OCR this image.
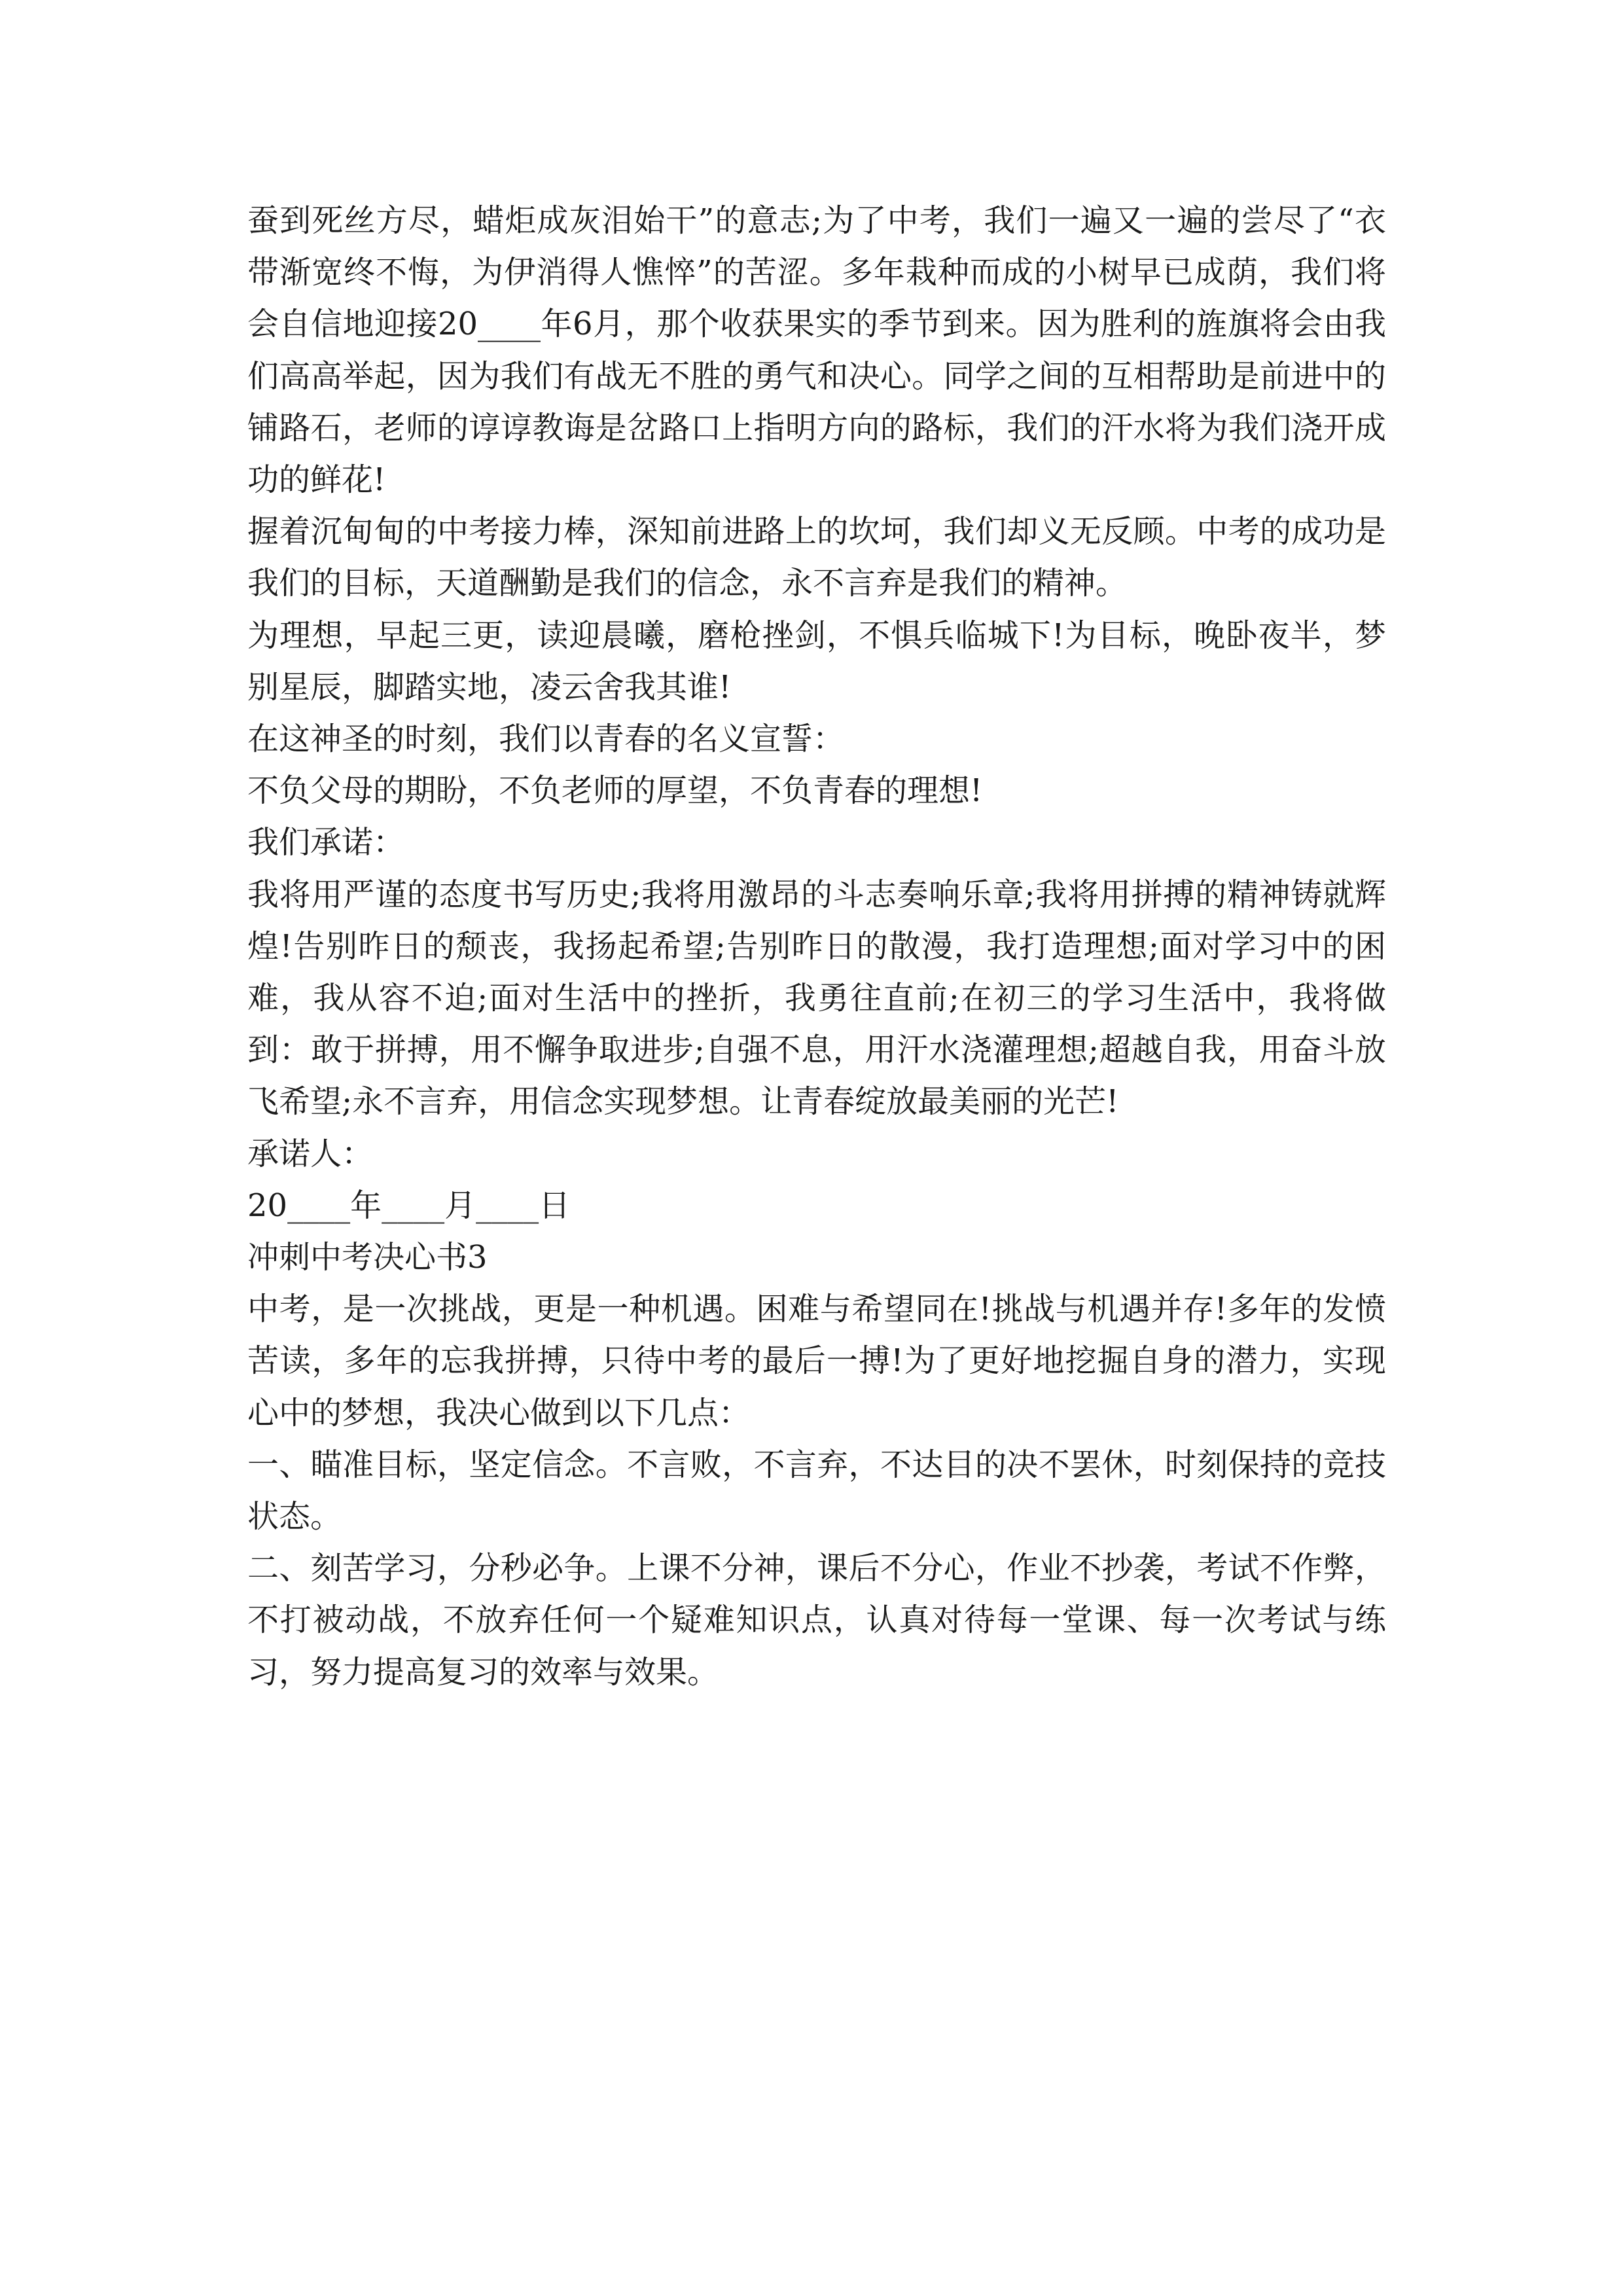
蚕到死丝方尽，蜡炬成灰泪始干”的意志;为了中考，我们一遍又一遍的尝尽了“衣带渐宽终不悔，为伊消得人憔悴”的苦涩。多年栽种而成的小树早已成荫，我们将会自信地迎接20____年6月，那个收获果实的季节到来。因为胜利的旌旗将会由我们高高举起，因为我们有战无不胜的勇气和决心。同学之间的互相帮助是前进中的铺路石，老师的谆谆教诲是岔路口上指明方向的路标，我们的汗水将为我们浇开成功的鲜花!

握着沉甸甸的中考接力棒，深知前进路上的坎坷，我们却义无反顾。中考的成功是我们的目标，天道酬勤是我们的信念，永不言弃是我们的精神。

为理想，早起三更，读迎晨曦，磨枪挫剑，不惧兵临城下!为目标，晚卧夜半，梦别星辰，脚踏实地，凌云舍我其谁!

在这神圣的时刻，我们以青春的名义宣誓：

不负父母的期盼，不负老师的厚望，不负青春的理想!

我们承诺：

我将用严谨的态度书写历史;我将用激昂的斗志奏响乐章;我将用拼搏的精神铸就辉煌!告别昨日的颓丧，我扬起希望;告别昨日的散漫，我打造理想;面对学习中的困难，我从容不迫;面对生活中的挫折，我勇往直前;在初三的学习生活中，我将做到：敢于拼搏，用不懈争取进步;自强不息，用汗水浇灌理想;超越自我，用奋斗放飞希望;永不言弃，用信念实现梦想。让青春绽放最美丽的光芒!

承诺人：

20____年____月____日

冲刺中考决心书3

中考，是一次挑战，更是一种机遇。困难与希望同在!挑战与机遇并存!多年的发愤苦读，多年的忘我拼搏，只待中考的最后一搏!为了更好地挖掘自身的潜力，实现心中的梦想，我决心做到以下几点：

一、瞄准目标，坚定信念。不言败，不言弃，不达目的决不罢休，时刻保持的竞技状态。

二、刻苦学习，分秒必争。上课不分神，课后不分心，作业不抄袭，考试不作弊，不打被动战，不放弃任何一个疑难知识点，认真对待每一堂课、每一次考试与练习，努力提高复习的效率与效果。
